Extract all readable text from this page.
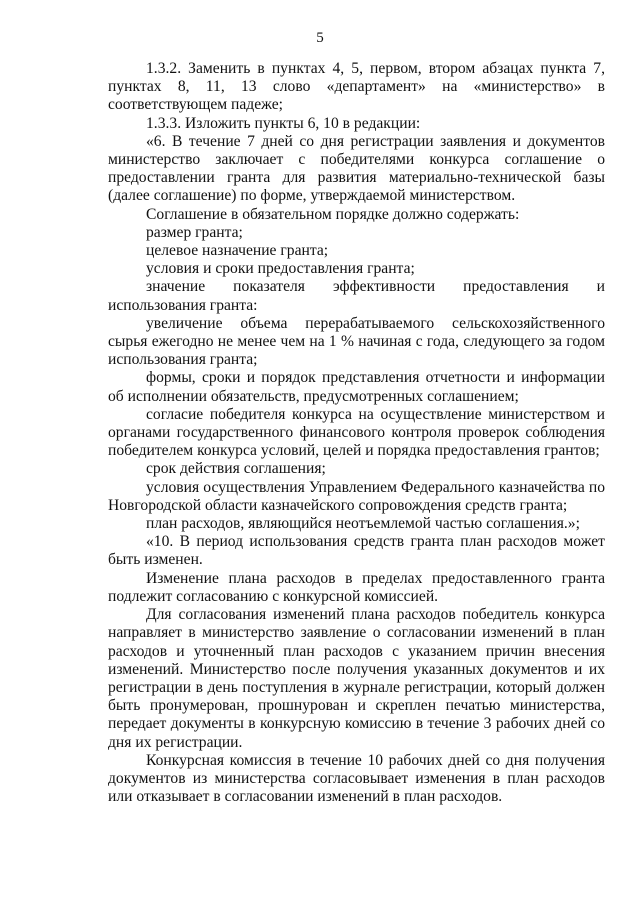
5

1.3.2. Заменить в пунктах 4, 5, первом, втором абзацах пункта 7, пунктах 8, 11, 13 слово «департамент» на «министерство» в соответствующем падеже;

1.3.3. Изложить пункты 6, 10 в редакции:

«6. В течение 7 дней со дня регистрации заявления и документов министерство заключает с победителями конкурса соглашение о предоставлении гранта для развития материально-технической базы (далее соглашение) по форме, утверждаемой министерством.

Соглашение в обязательном порядке должно содержать:

размер гранта;

целевое назначение гранта;

условия и сроки предоставления гранта;

значение показателя эффективности предоставления и использования гранта:

увеличение объема перерабатываемого сельскохозяйственного сырья ежегодно не менее чем на 1 % начиная с года, следующего за годом использования гранта;

формы, сроки и порядок представления отчетности и информации об исполнении обязательств, предусмотренных соглашением;

согласие победителя конкурса на осуществление министерством и органами государственного финансового контроля проверок соблюдения победителем конкурса условий, целей и порядка предоставления грантов;

срок действия соглашения;

условия осуществления Управлением Федерального казначейства по Новгородской области казначейского сопровождения средств гранта;

план расходов, являющийся неотъемлемой частью соглашения.»;

«10. В период использования средств гранта план расходов может быть изменен.

Изменение плана расходов в пределах предоставленного гранта подлежит согласованию с конкурсной комиссией.

Для согласования изменений плана расходов победитель конкурса направляет в министерство заявление о согласовании изменений в план расходов и уточненный план расходов с указанием причин внесения изменений. Министерство после получения указанных документов и их регистрации в день поступления в журнале регистрации, который должен быть пронумерован, прошнурован и скреплен печатью министерства, передает документы в конкурсную комиссию в течение 3 рабочих дней со дня их регистрации.

Конкурсная комиссия в течение 10 рабочих дней со дня получения документов из министерства согласовывает изменения в план расходов или отказывает в согласовании изменений в план расходов.
